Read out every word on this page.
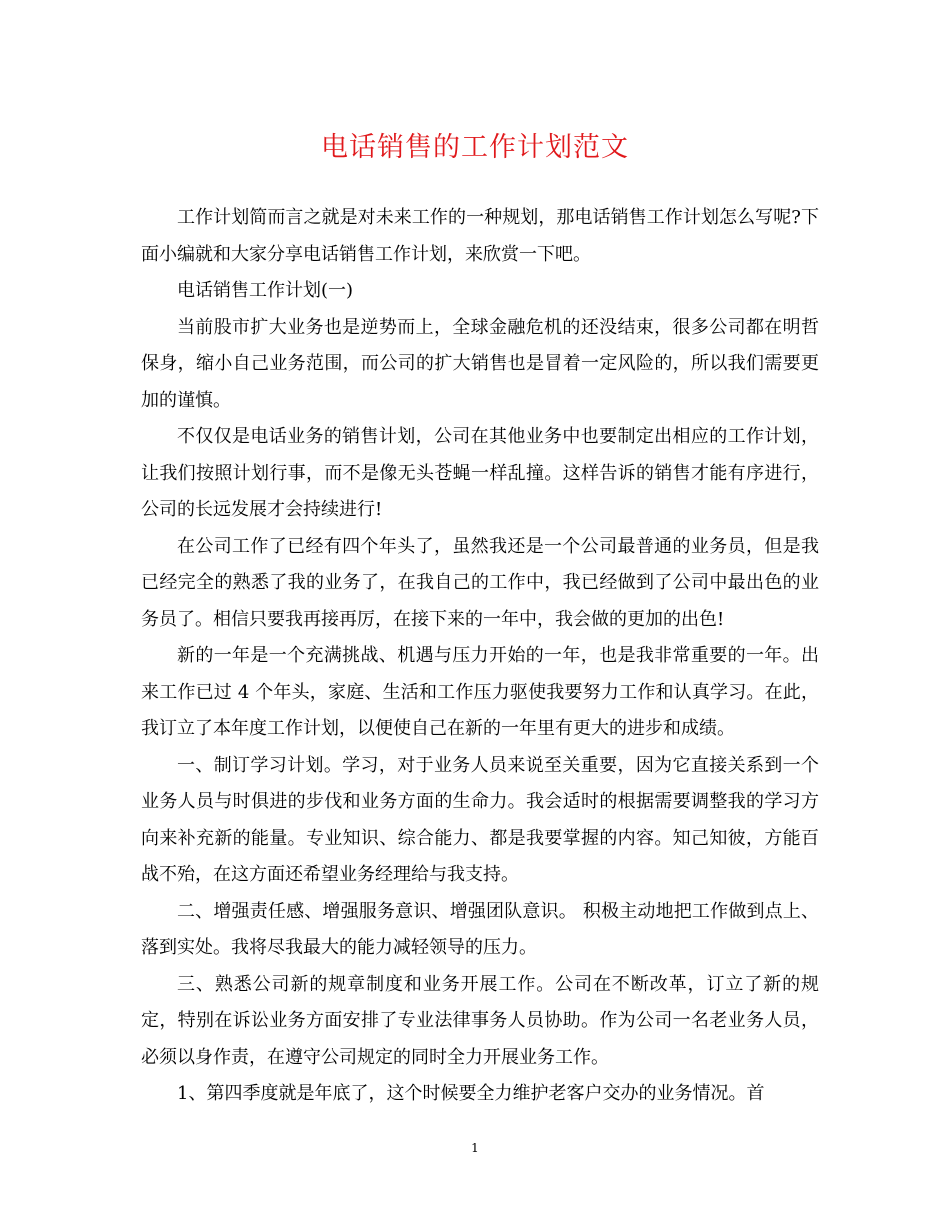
电话销售的工作计划范文

工作计划简而言之就是对未来工作的一种规划，那电话销售工作计划怎么写呢?下面小编就和大家分享电话销售工作计划，来欣赏一下吧。

电话销售工作计划(一)

当前股市扩大业务也是逆势而上，全球金融危机的还没结束，很多公司都在明哲保身，缩小自己业务范围，而公司的扩大销售也是冒着一定风险的，所以我们需要更加的谨慎。

不仅仅是电话业务的销售计划，公司在其他业务中也要制定出相应的工作计划，让我们按照计划行事，而不是像无头苍蝇一样乱撞。这样告诉的销售才能有序进行，公司的长远发展才会持续进行!

在公司工作了已经有四个年头了，虽然我还是一个公司最普通的业务员，但是我已经完全的熟悉了我的业务了，在我自己的工作中，我已经做到了公司中最出色的业务员了。相信只要我再接再厉，在接下来的一年中，我会做的更加的出色!

新的一年是一个充满挑战、机遇与压力开始的一年，也是我非常重要的一年。出来工作已过 4 个年头，家庭、生活和工作压力驱使我要努力工作和认真学习。在此，我订立了本年度工作计划，以便使自己在新的一年里有更大的进步和成绩。

一、制订学习计划。学习，对于业务人员来说至关重要，因为它直接关系到一个业务人员与时俱进的步伐和业务方面的生命力。我会适时的根据需要调整我的学习方向来补充新的能量。专业知识、综合能力、都是我要掌握的内容。知己知彼，方能百战不殆，在这方面还希望业务经理给与我支持。

二、增强责任感、增强服务意识、增强团队意识。 积极主动地把工作做到点上、落到实处。我将尽我最大的能力减轻领导的压力。

三、熟悉公司新的规章制度和业务开展工作。公司在不断改革，订立了新的规定，特别在诉讼业务方面安排了专业法律事务人员协助。作为公司一名老业务人员，必须以身作责，在遵守公司规定的同时全力开展业务工作。

1、第四季度就是年底了，这个时候要全力维护老客户交办的业务情况。首

1
